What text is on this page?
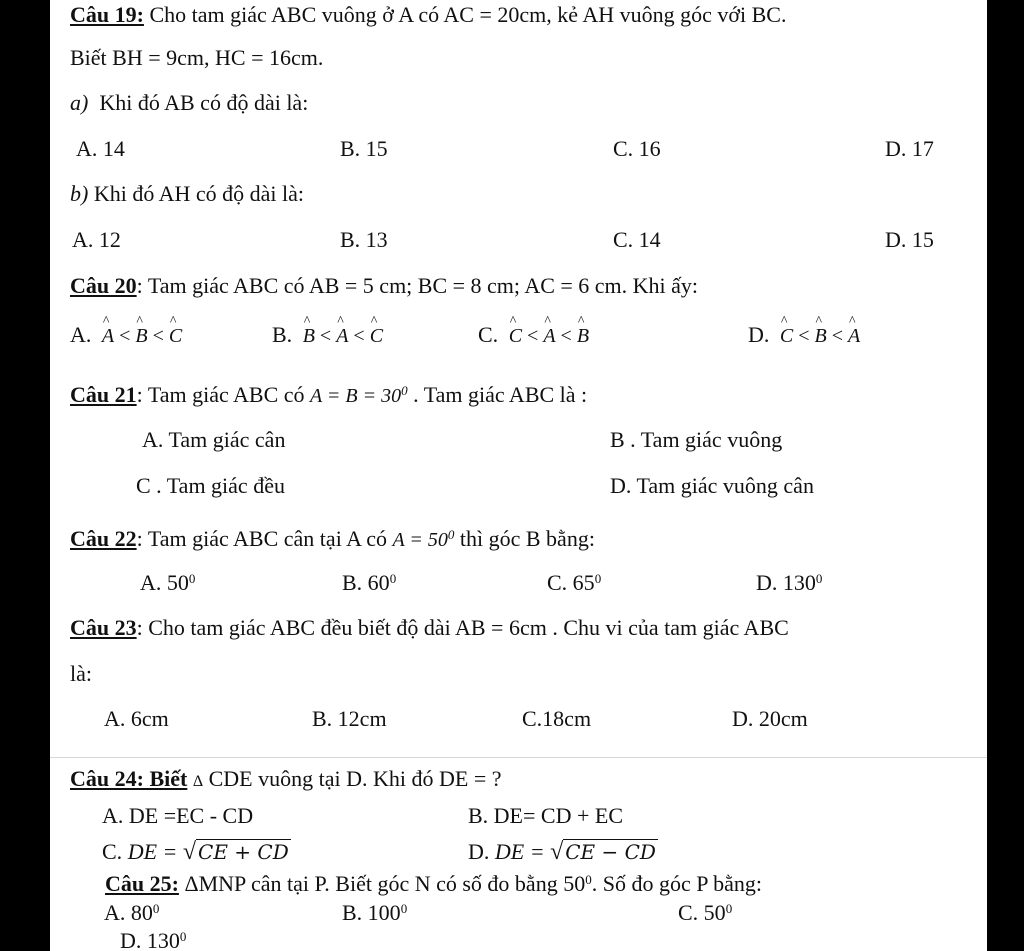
Câu 19: Cho tam giác ABC vuông ở A có AC = 20cm, kẻ AH vuông góc với BC.
Biết BH = 9cm, HC = 16cm.
a) Khi đó AB có độ dài là:
A. 14	B. 15	C. 16	D. 17
b) Khi đó AH có độ dài là:
A. 12	B. 13	C. 14	D. 15
Câu 20: Tam giác ABC có AB = 5 cm; BC = 8 cm; AC = 6 cm. Khi ấy:
A. ^ A < ^ B < ^ C	B. ^ B < ^ A < ^ C	C. ^ C < ^ A < ^ B	D. ^ C < ^ B < ^ A
Câu 21: Tam giác ABC có $A = B = 30^0$ . Tam giác ABC là :
A. Tam giác cân	B . Tam giác vuông
C . Tam giác đều	D. Tam giác vuông cân
Câu 22: Tam giác ABC cân tại A có $A = 50^0$ thì góc B bằng:
A. $50^0$	B. $60^0$	C. $65^0$	D. $130^0$
Câu 23: Cho tam giác ABC đều biết độ dài AB = 6cm . Chu vi của tam giác ABC
là:
A. 6cm	B. 12cm	C.18cm	D. 20cm
Câu 24: Biết Δ CDE vuông tại D. Khi đó DE = ?
A. DE =EC - CD	B. DE= CD + EC
C. DE = √ CE + CD	D. DE = √ CE − CD
Câu 25: ΔMNP cân tại P. Biết góc N có số đo bằng $50^0$. Số đo góc P bằng:
A. $80^0$	B. $100^0$	C. $50^0$
D. $130^0$
